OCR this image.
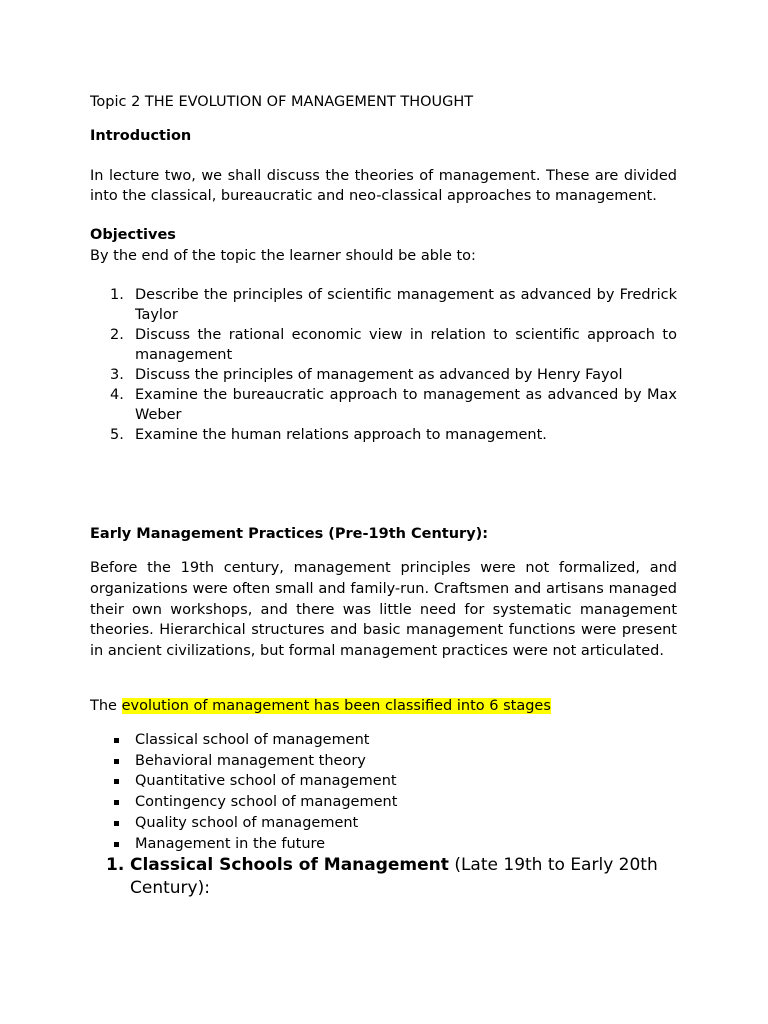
Topic 2 THE EVOLUTION OF MANAGEMENT THOUGHT
Introduction
In lecture two, we shall discuss the theories of management. These are divided into the classical, bureaucratic and neo-classical approaches to management.
Objectives
By the end of the topic the learner should be able to:
1. Describe the principles of scientific management as advanced by Fredrick Taylor
2. Discuss the rational economic view in relation to scientific approach to management
3. Discuss the principles of management as advanced by Henry Fayol
4. Examine the bureaucratic approach to management as advanced by Max Weber
5. Examine the human relations approach to management.
Early Management Practices (Pre-19th Century):
Before the 19th century, management principles were not formalized, and organizations were often small and family-run. Craftsmen and artisans managed their own workshops, and there was little need for systematic management theories. Hierarchical structures and basic management functions were present in ancient civilizations, but formal management practices were not articulated.
The evolution of management has been classified into 6 stages
Classical school of management
Behavioral management theory
Quantitative school of management
Contingency school of management
Quality school of management
Management in the future
1. Classical Schools of Management (Late 19th to Early 20th Century):
